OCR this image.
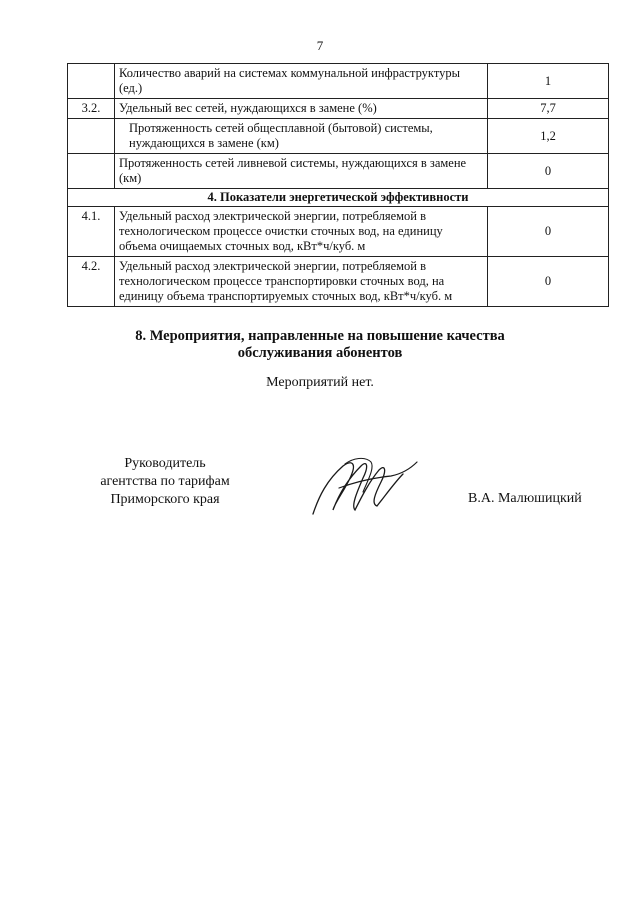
7
	Количество аварий на системах коммунальной инфраструктуры (ед.)	1
3.2.	Удельный вес сетей, нуждающихся в замене (%)	7,7
	Протяженность сетей общесплавной (бытовой) системы, нуждающихся в замене (км)	1,2
	Протяженность сетей ливневой системы, нуждающихся в замене (км)	0
4. Показатели энергетической эффективности		
4.1.	Удельный расход электрической энергии, потребляемой в технологическом процессе очистки сточных вод, на единицу объема очищаемых сточных вод, кВт*ч/куб. м	0
4.2.	Удельный расход электрической энергии, потребляемой в технологическом процессе транспортировки сточных вод, на единицу объема транспортируемых сточных вод, кВт*ч/куб. м	0
8. Мероприятия, направленные на повышение качества
обслуживания абонентов
Мероприятий нет.
Руководитель
агентства по тарифам
Приморского края	В.А. Малюшицкий
